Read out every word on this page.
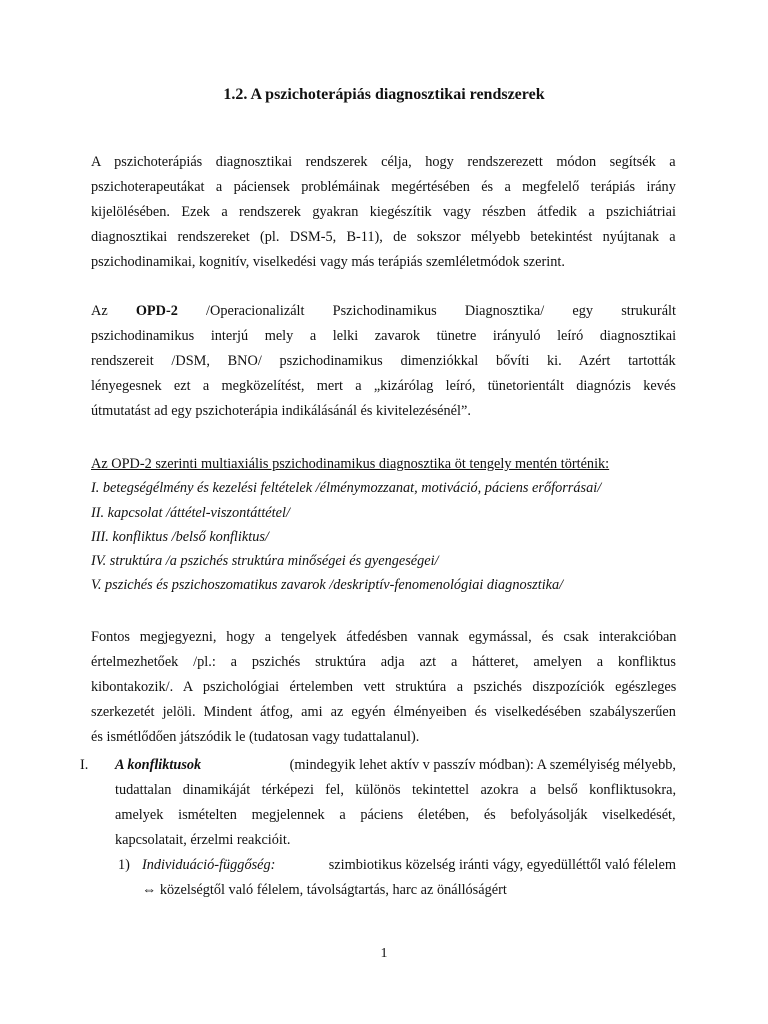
1.2. A pszichoterápiás diagnosztikai rendszerek
A pszichoterápiás diagnosztikai rendszerek célja, hogy rendszerezett módon segítsék a
pszichoterapeutákat a páciensek problémáinak megértésében és a megfelelő terápiás irány
kijelölésében. Ezek a rendszerek gyakran kiegészítik vagy részben átfedik a pszichiátriai
diagnosztikai rendszereket (pl. DSM-5, B-11), de sokszor mélyebb betekintést nyújtanak a
pszichodinamikai, kognitív, viselkedési vagy más terápiás szemléletmódok szerint.
Az OPD-2 /Operacionalizált Pszichodinamikus Diagnosztika/ egy strukurált
pszichodinamikus interjú mely a lelki zavarok tünetre irányuló leíró diagnosztikai
rendszereit /DSM, BNO/ pszichodinamikus dimenziókkal bővíti ki. Azért tartották
lényegesnek ezt a megközelítést, mert a „kizárólag leíró, tünetorientált diagnózis kevés
útmutatást ad egy pszichoterápia indikálásánál és kivitelezésénél”.
Az OPD-2 szerinti multiaxiális pszichodinamikus diagnosztika öt tengely mentén történik:
I. betegségélmény és kezelési feltételek /élménymozzanat, motiváció, páciens erőforrásai/
II. kapcsolat /áttétel-viszontáttétel/
III. konfliktus /belső konfliktus/
IV. struktúra /a pszichés struktúra minőségei és gyengeségei/
V. pszichés és pszichoszomatikus zavarok /deskriptív-fenomenológiai diagnosztika/
Fontos megjegyezni, hogy a tengelyek átfedésben vannak egymással, és csak interakcióban
értelmezhetőek /pl.: a pszichés struktúra adja azt a hátteret, amelyen a konfliktus
kibontakozik/. A pszichológiai értelemben vett struktúra a pszichés diszpozíciók egészleges
szerkezetét jelöli. Mindent átfog, ami az egyén élményeiben és viselkedésében szabályszerűen
és ismétlődően játszódik le (tudatosan vagy tudattalanul).
I. A konfliktusok	(mindegyik lehet aktív v passzív módban): A személyiség mélyebb,
tudattalan dinamikáját térképezi fel, különös tekintettel azokra a belső konfliktusokra,
amelyek ismételten megjelennek a páciens életében, és befolyásolják viselkedését,
kapcsolatait, érzelmi reakcióit.
1) Individuáció-függőség:	szimbiotikus közelség iránti vágy, egyedülléttől való félelem
⇔ közelségtől való félelem, távolságtartás, harc az önállóságért
1
